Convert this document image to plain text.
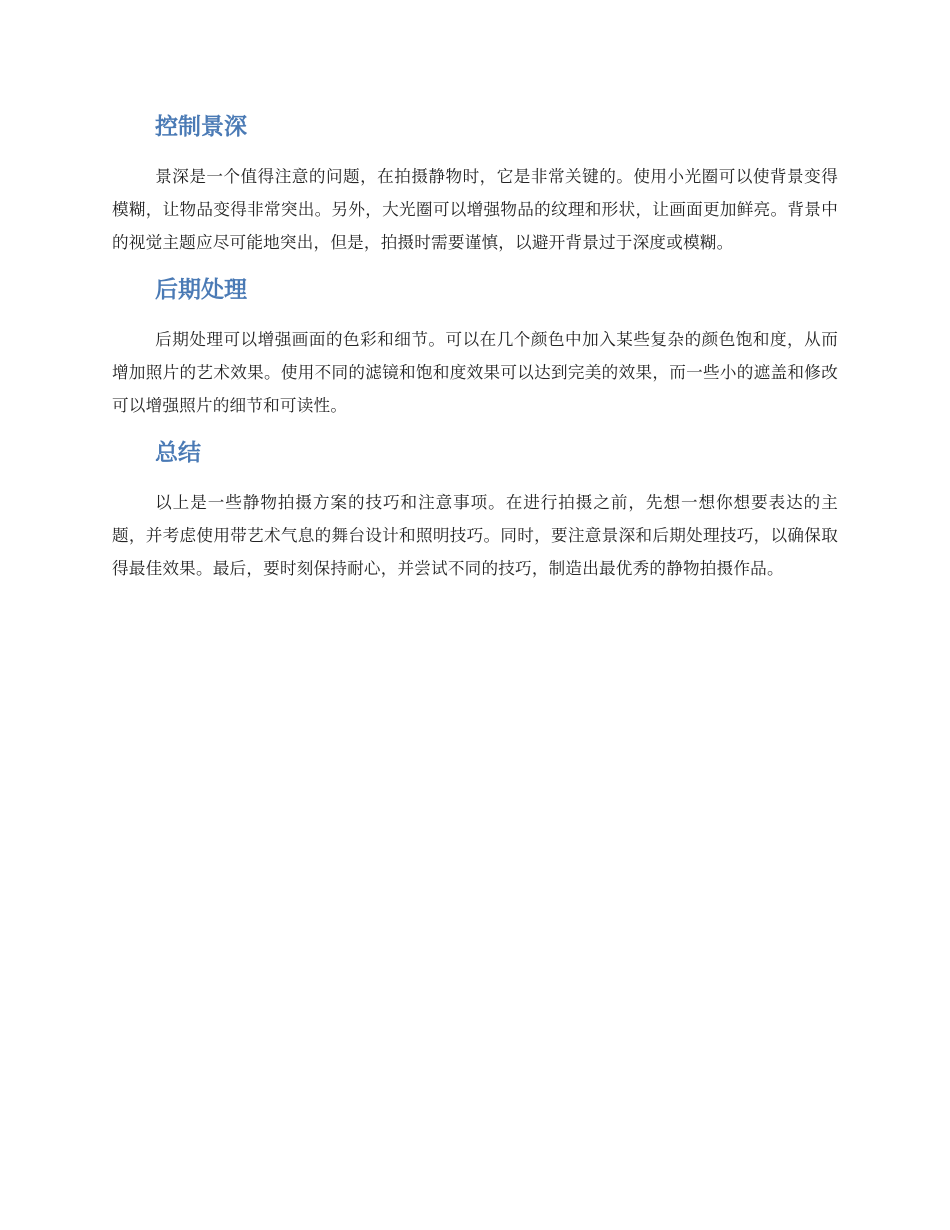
控制景深

景深是一个值得注意的问题，在拍摄静物时，它是非常关键的。使用小光圈可以使背景变得模糊，让物品变得非常突出。另外，大光圈可以增强物品的纹理和形状，让画面更加鲜亮。背景中的视觉主题应尽可能地突出，但是，拍摄时需要谨慎，以避开背景过于深度或模糊。

后期处理

后期处理可以增强画面的色彩和细节。可以在几个颜色中加入某些复杂的颜色饱和度，从而增加照片的艺术效果。使用不同的滤镜和饱和度效果可以达到完美的效果，而一些小的遮盖和修改可以增强照片的细节和可读性。

总结

以上是一些静物拍摄方案的技巧和注意事项。在进行拍摄之前，先想一想你想要表达的主题，并考虑使用带艺术气息的舞台设计和照明技巧。同时，要注意景深和后期处理技巧，以确保取得最佳效果。最后，要时刻保持耐心，并尝试不同的技巧，制造出最优秀的静物拍摄作品。
